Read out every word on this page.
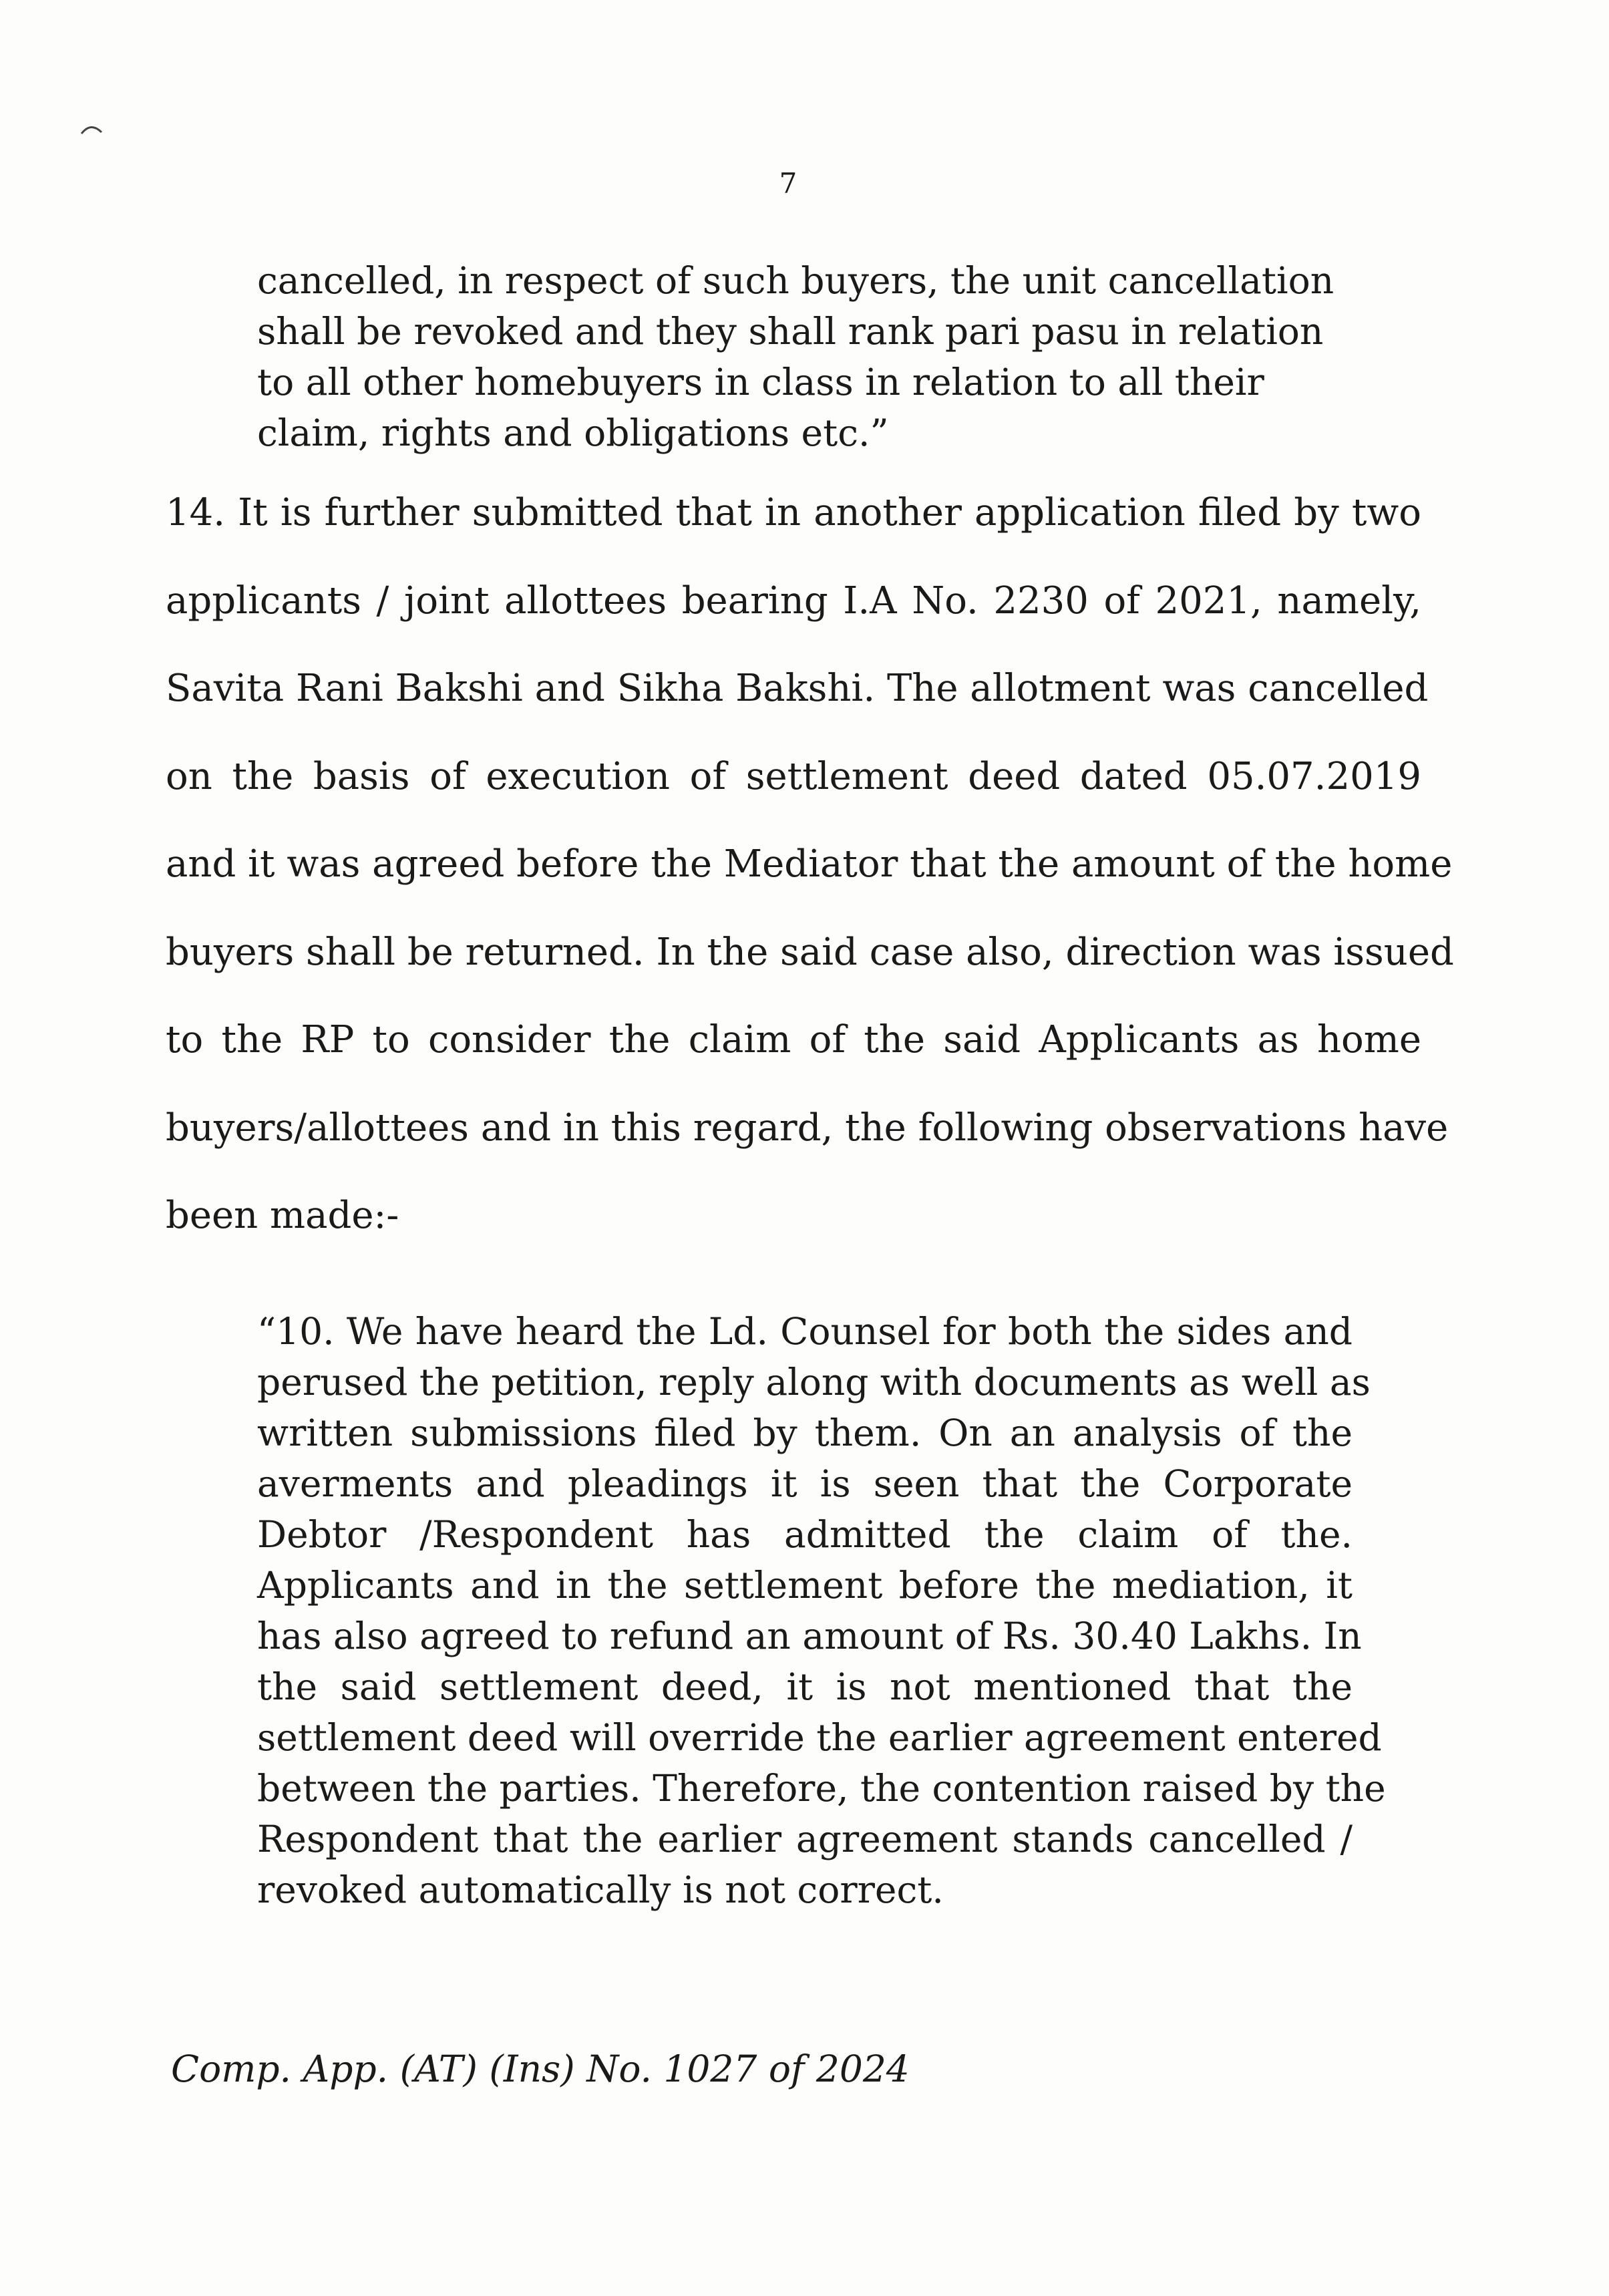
7
cancelled, in respect of such buyers, the unit cancellation
shall be revoked and they shall rank pari pasu in relation
to all other homebuyers in class in relation to all their
claim, rights and obligations etc.”
14. It is further submitted that in another application filed by two
applicants / joint allottees bearing I.A No. 2230 of 2021, namely,
Savita Rani Bakshi and Sikha Bakshi. The allotment was cancelled
on the basis of execution of settlement deed dated 05.07.2019
and it was agreed before the Mediator that the amount of the home
buyers shall be returned. In the said case also, direction was issued
to the RP to consider the claim of the said Applicants as home
buyers/allottees and in this regard, the following observations have
been made:-
“10. We have heard the Ld. Counsel for both the sides and
perused the petition, reply along with documents as well as
written submissions filed by them. On an analysis of the
averments and pleadings it is seen that the Corporate
Debtor /Respondent has admitted the claim of the.
Applicants and in the settlement before the mediation, it
has also agreed to refund an amount of Rs. 30.40 Lakhs. In
the said settlement deed, it is not mentioned that the
settlement deed will override the earlier agreement entered
between the parties. Therefore, the contention raised by the
Respondent that the earlier agreement stands cancelled /
revoked automatically is not correct.
Comp. App. (AT) (Ins) No. 1027 of 2024
